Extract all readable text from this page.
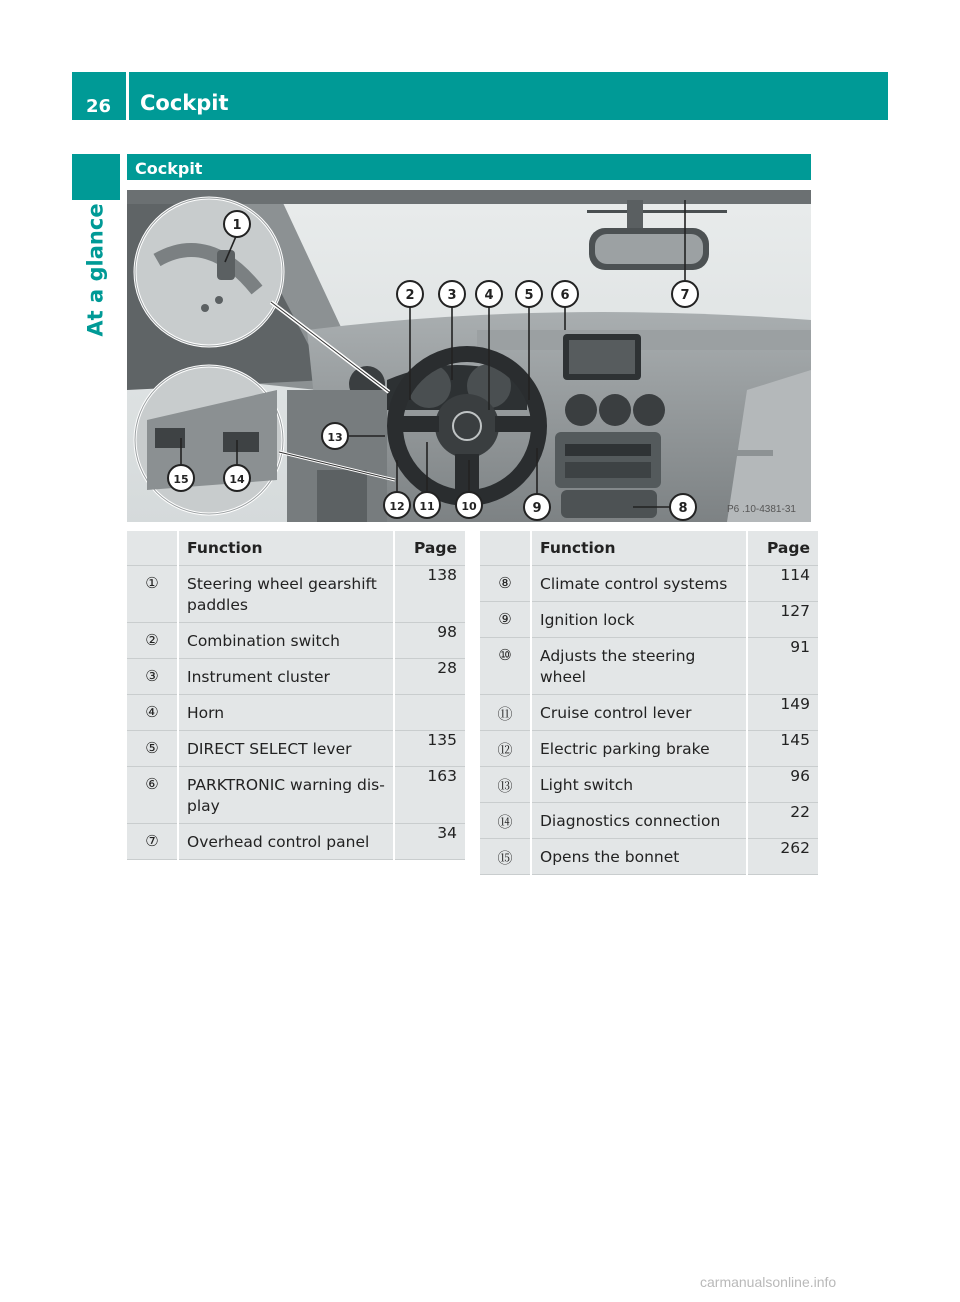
26 Cockpit
At a glance
Cockpit
1
2	3 4 5 6	7
8
9
10
11
12
13
14
15
P6 .10-4381-31
	Function	Page
①	Steering wheel gearshift paddles	138
②	Combination switch	98
③	Instrument cluster	28
④	Horn	
⑤	DIRECT SELECT lever	135
⑥	PARKTRONIC warning dis-play	163
⑦	Overhead control panel	34
	Function	Page
⑧	Climate control systems	114
⑨	Ignition lock	127
⑩	Adjusts the steering wheel	91
⑪	Cruise control lever	149
⑫	Electric parking brake	145
⑬	Light switch	96
⑭	Diagnostics connection	22
⑮	Opens the bonnet	262
carmanualsonline.info
